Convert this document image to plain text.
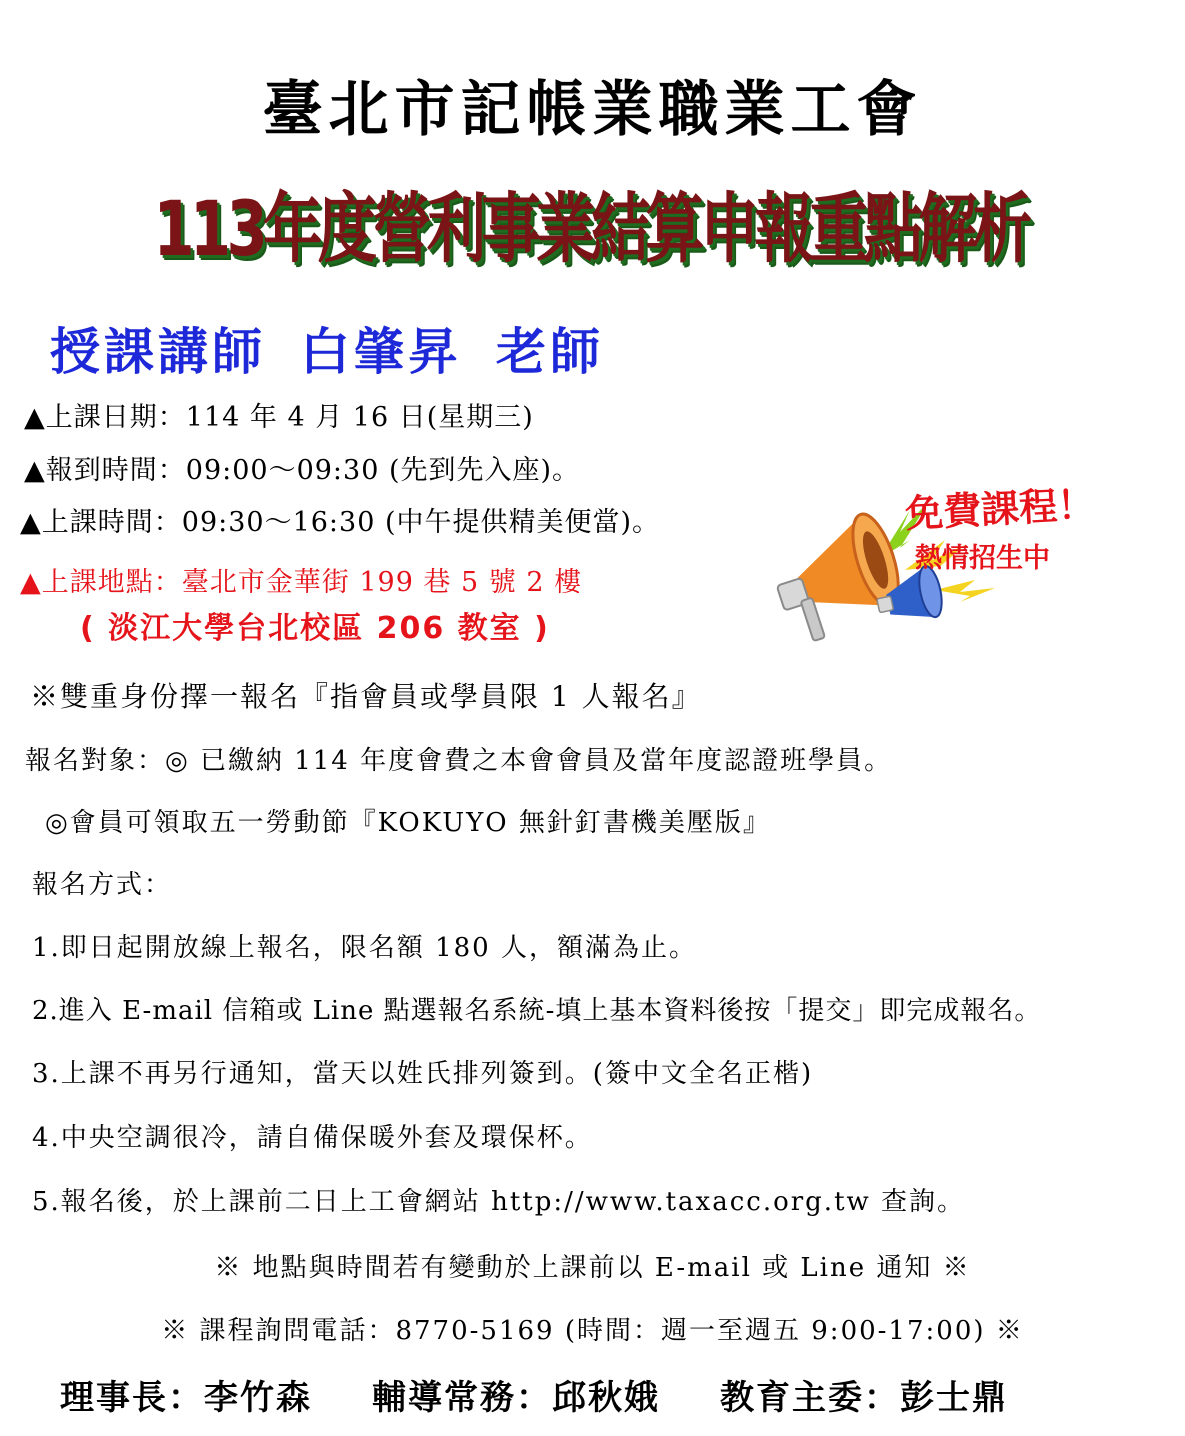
臺北市記帳業職業工會
113年度營利事業結算申報重點解析
授課講師 白肇昇 老師
▲上課日期：114 年 4 月 16 日(星期三)
▲報到時間：09:00～09:30 (先到先入座)。
▲上課時間：09:30～16:30 (中午提供精美便當)。
▲上課地點：臺北市金華街 199 巷 5 號 2 樓
( 淡江大學台北校區 206 教室 )
免費課程！
熱情招生中
※雙重身份擇一報名『指會員或學員限 1 人報名』
報名對象：◎ 已繳納 114 年度會費之本會會員及當年度認證班學員。
◎會員可領取五一勞動節『KOKUYO 無針釘書機美壓版』
報名方式：
1.即日起開放線上報名，限名額 180 人，額滿為止。
2.進入 E-mail 信箱或 Line 點選報名系統-填上基本資料後按「提交」即完成報名。
3.上課不再另行通知，當天以姓氏排列簽到。(簽中文全名正楷)
4.中央空調很冷，請自備保暖外套及環保杯。
5.報名後，於上課前二日上工會網站 http://www.taxacc.org.tw 查詢。
※ 地點與時間若有變動於上課前以 E-mail 或 Line 通知 ※
※ 課程詢問電話：8770-5169 (時間：週一至週五 9:00-17:00) ※
理事長：李竹森 輔導常務：邱秋娥 教育主委：彭士鼎
